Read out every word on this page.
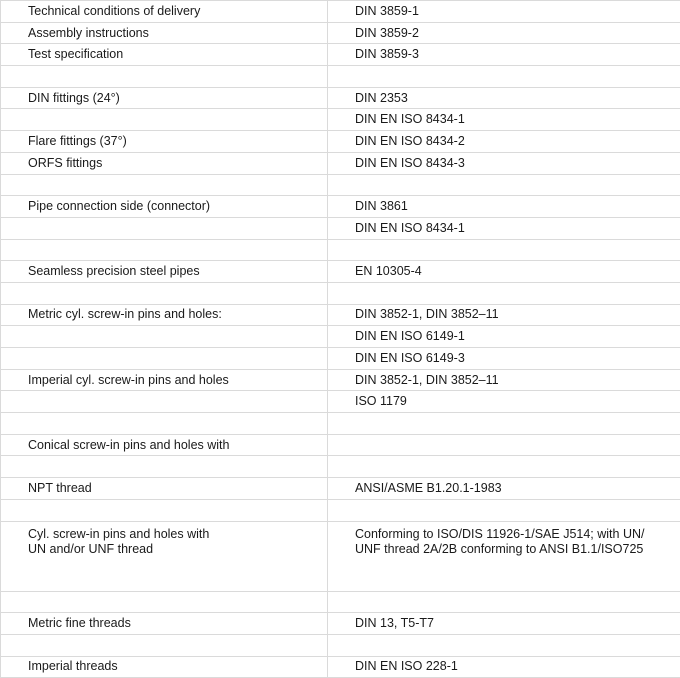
Technical conditions of delivery	DIN 3859-1
Assembly instructions	DIN 3859-2
Test specification	DIN 3859-3

DIN fittings (24°)	DIN 2353
	DIN EN ISO 8434-1
Flare fittings (37°)	DIN EN ISO 8434-2
ORFS fittings	DIN EN ISO 8434-3

Pipe connection side (connector)	DIN 3861
	DIN EN ISO 8434-1

Seamless precision steel pipes	EN 10305-4

Metric cyl. screw-in pins and holes:	DIN 3852-1, DIN 3852–11
	DIN EN ISO 6149-1
	DIN EN ISO 6149-3
Imperial cyl. screw-in pins and holes	DIN 3852-1, DIN 3852–11
	ISO 1179

Conical screw-in pins and holes with	

NPT thread	ANSI/ASME B1.20.1-1983

Cyl. screw-in pins and holes with
UN and/or UNF thread	Conforming to ISO/DIS 11926-1/SAE J514; with UN/
UNF thread 2A/2B conforming to ANSI B1.1/ISO725

Metric fine threads	DIN 13, T5-T7

Imperial threads	DIN EN ISO 228-1
